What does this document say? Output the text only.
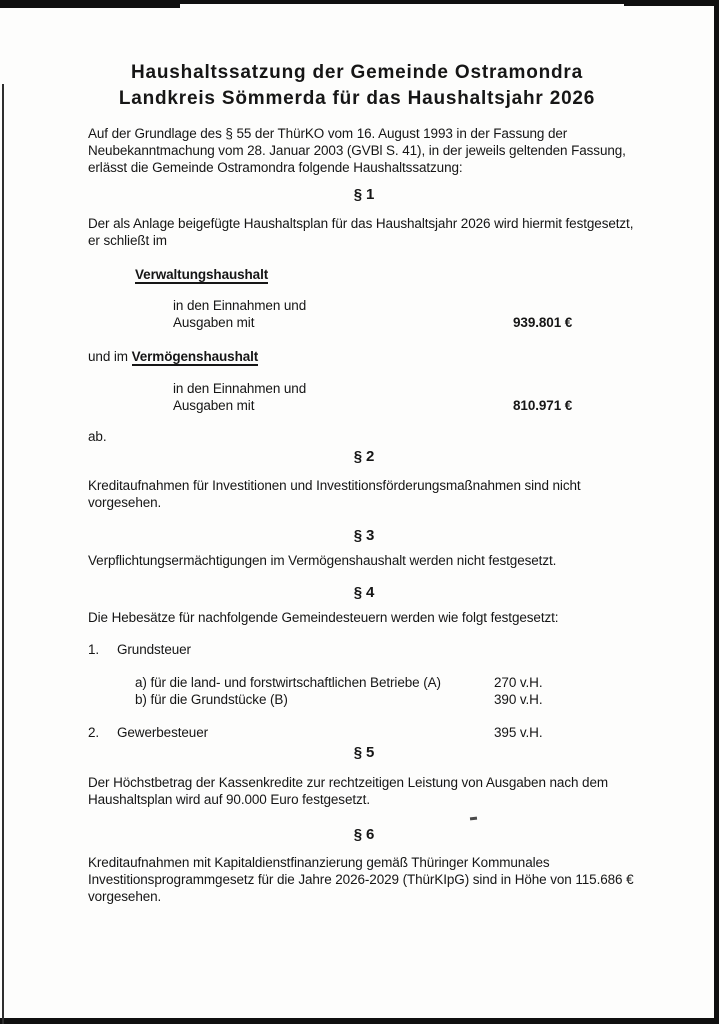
Haushaltssatzung der Gemeinde Ostramondra
Landkreis Sömmerda für das Haushaltsjahr 2026
Auf der Grundlage des § 55 der ThürKO vom 16. August 1993 in der Fassung der
Neubekanntmachung vom 28. Januar 2003 (GVBl S. 41), in der jeweils geltenden Fassung,
erlässt die Gemeinde Ostramondra folgende Haushaltssatzung:
§ 1
Der als Anlage beigefügte Haushaltsplan für das Haushaltsjahr 2026 wird hiermit festgesetzt,
er schließt im
Verwaltungshaushalt
in den Einnahmen und
Ausgaben mit	939.801 €
und im Vermögenshaushalt
in den Einnahmen und
Ausgaben mit	810.971 €
ab.
§ 2
Kreditaufnahmen für Investitionen und Investitionsförderungsmaßnahmen sind nicht
vorgesehen.
§ 3
Verpflichtungsermächtigungen im Vermögenshaushalt werden nicht festgesetzt.
§ 4
Die Hebesätze für nachfolgende Gemeindesteuern werden wie folgt festgesetzt:
1. Grundsteuer
a) für die land- und forstwirtschaftlichen Betriebe (A)	270 v.H.
b) für die Grundstücke (B)	390 v.H.
2. Gewerbesteuer	395 v.H.
§ 5
Der Höchstbetrag der Kassenkredite zur rechtzeitigen Leistung von Ausgaben nach dem
Haushaltsplan wird auf 90.000 Euro festgesetzt.
§ 6
Kreditaufnahmen mit Kapitaldienstfinanzierung gemäß Thüringer Kommunales
Investitionsprogrammgesetz für die Jahre 2026-2029 (ThürKIpG) sind in Höhe von 115.686 €
vorgesehen.
